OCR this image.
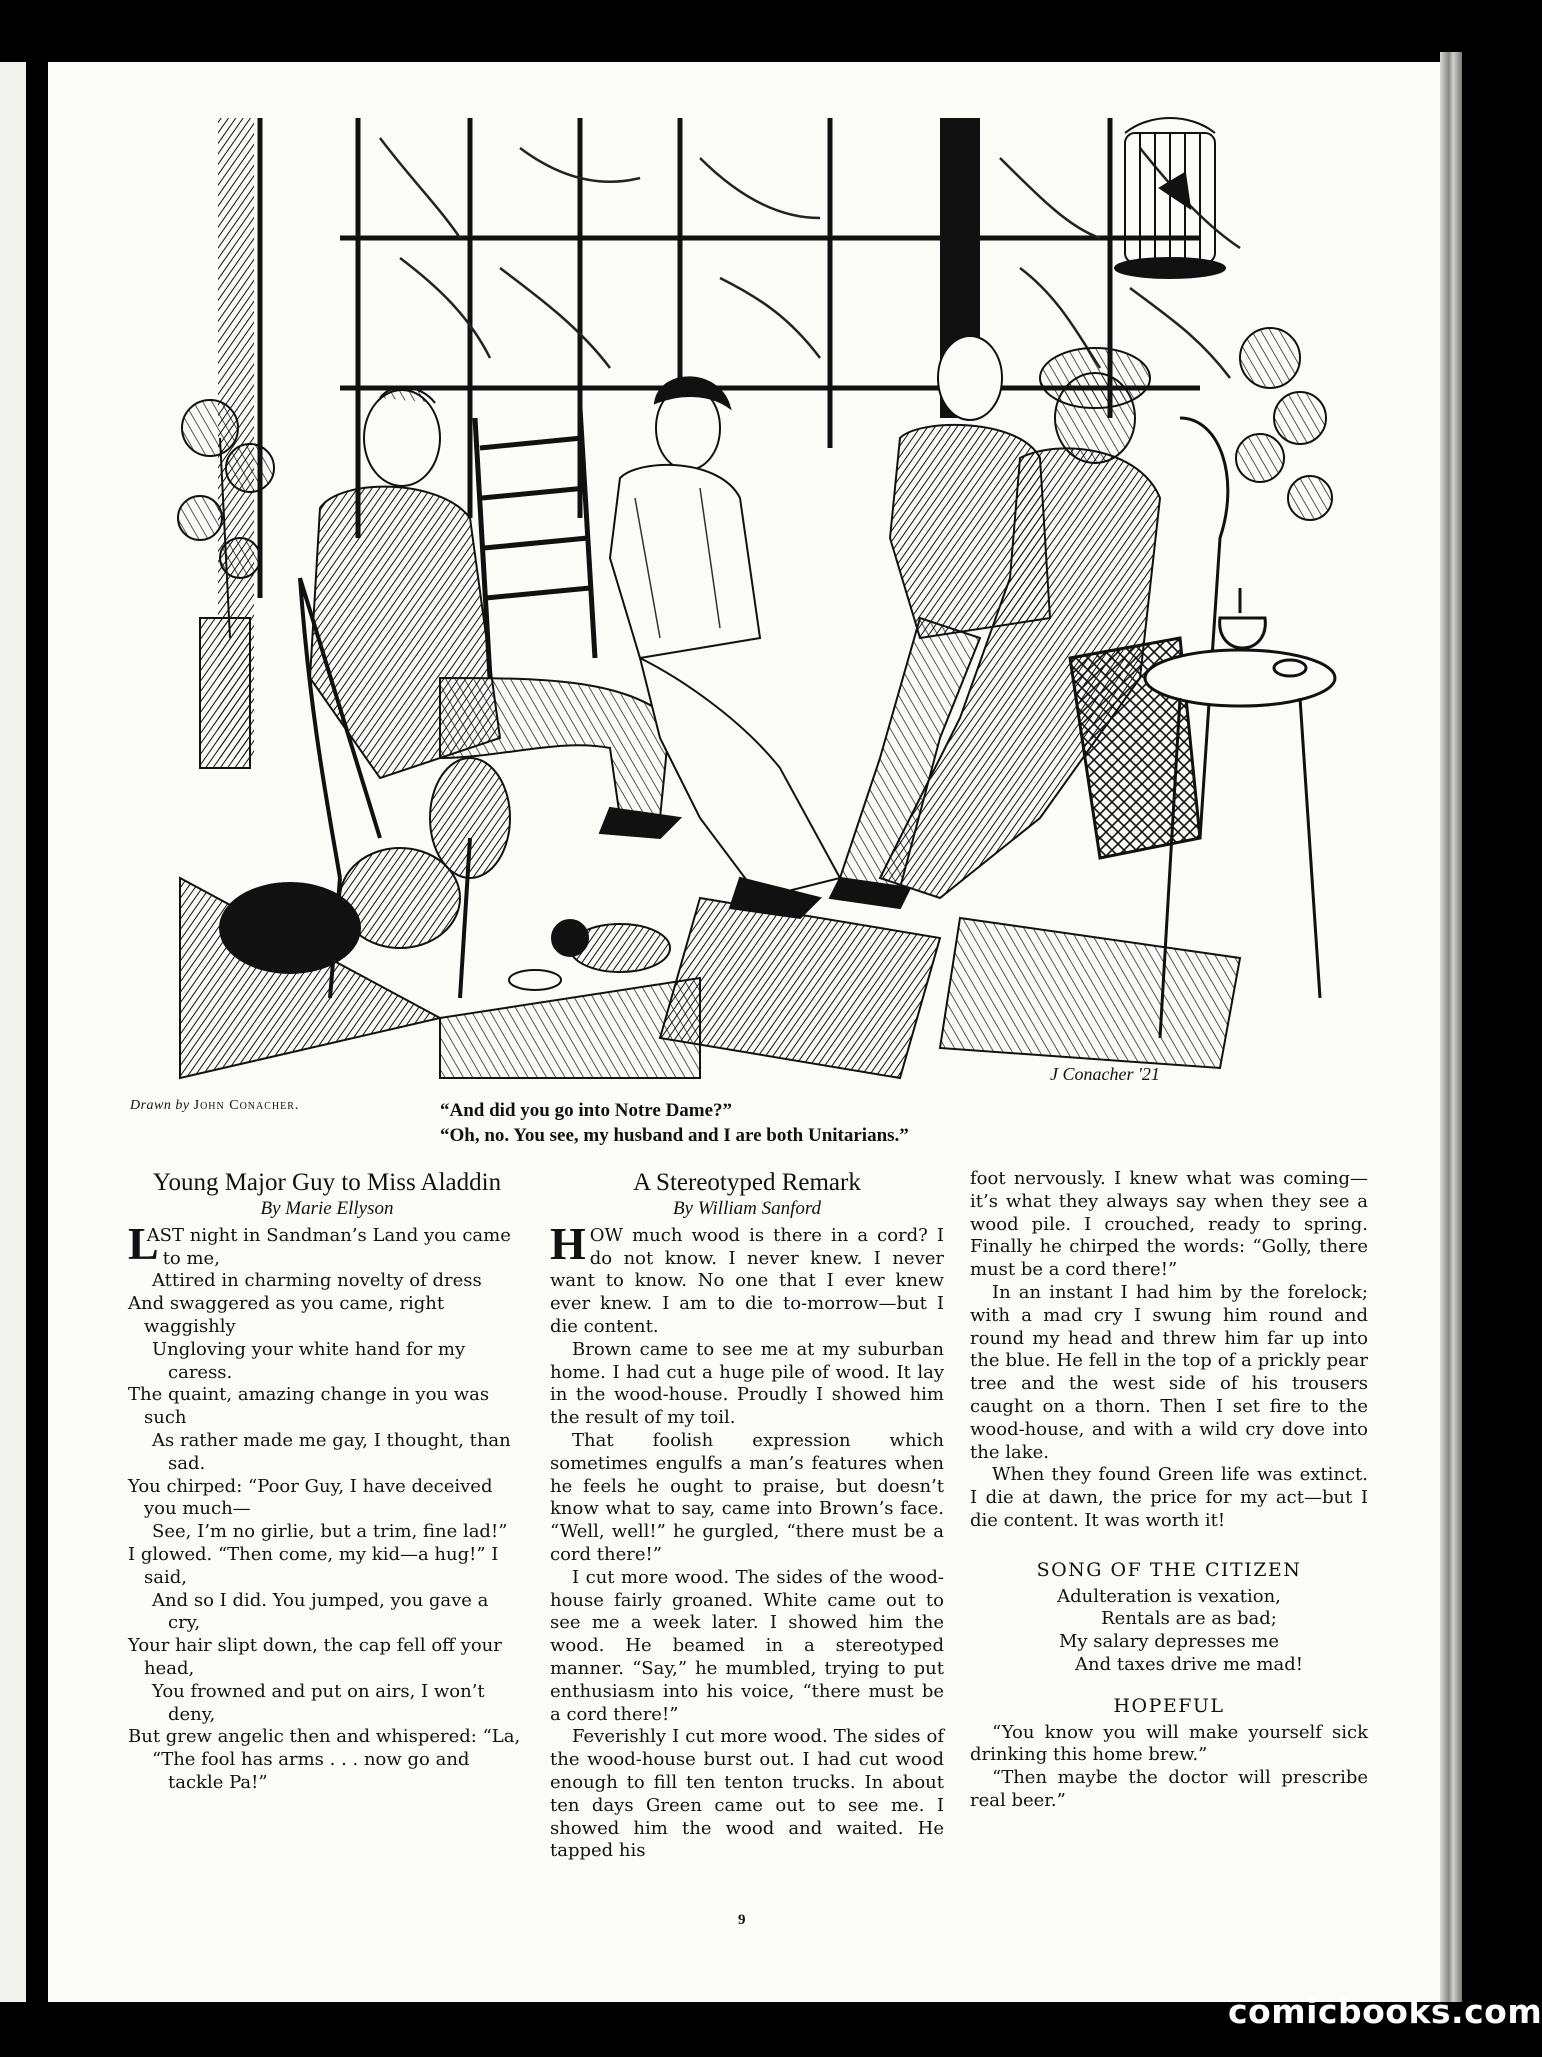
J Conacher '21
Drawn by John Conacher.	“And did you go into Notre Dame?”
“Oh, no. You see, my husband and I are both Unitarians.”
Young Major Guy to Miss Aladdin
By Marie Ellyson

L
AST night in Sandman’s Land you came to me,

Attired in charming novelty of dress

And swaggered as you came, right waggishly

Ungloving your white hand for my caress.

The quaint, amazing change in you was such

As rather made me gay, I thought, than sad.

You chirped: “Poor Guy, I have deceived you much—

See, I’m no girlie, but a trim, fine lad!”

I glowed. “Then come, my kid—a hug!” I said,

And so I did. You jumped, you gave a cry,

Your hair slipt down, the cap fell off your head,

You frowned and put on airs, I won’t deny,

But grew angelic then and whispered: “La,

“The fool has arms . . . now go and tackle Pa!”

A Stereotyped Remark
By William Sanford

HOW much wood is there in a cord? I do not know. I never knew. I never want to know. No one that I ever knew ever knew. I am to die to-morrow—but I die content.

Brown came to see me at my suburban home. I had cut a huge pile of wood. It lay in the wood-house. Proudly I showed him the result of my toil.

That foolish expression which sometimes engulfs a man’s features when he feels he ought to praise, but doesn’t know what to say, came into Brown’s face. “Well, well!” he gurgled, “there must be a cord there!”

I cut more wood. The sides of the wood-house fairly groaned. White came out to see me a week later. I showed him the wood. He beamed in a stereotyped manner. “Say,” he mumbled, trying to put enthusiasm into his voice, “there must be a cord there!”

Feverishly I cut more wood. The sides of the wood-house burst out. I had cut wood enough to fill ten tenton trucks. In about ten days Green came out to see me. I showed him the wood and waited. He tapped his

foot nervously. I knew what was coming—it’s what they always say when they see a wood pile. I crouched, ready to spring. Finally he chirped the words: “Golly, there must be a cord there!”

In an instant I had him by the forelock; with a mad cry I swung him round and round my head and threw him far up into the blue. He fell in the top of a prickly pear tree and the west side of his trousers caught on a thorn. Then I set fire to the wood-house, and with a wild cry dove into the lake.

When they found Green life was extinct. I die at dawn, the price for my act—but I die content. It was worth it!

SONG OF THE CITIZEN

Adulteration is vexation,

Rentals are as bad;

My salary depresses me

And taxes drive me mad!

HOPEFUL

“You know you will make yourself sick drinking this home brew.”

“Then maybe the doctor will prescribe real beer.”

9
comicbooks.com
